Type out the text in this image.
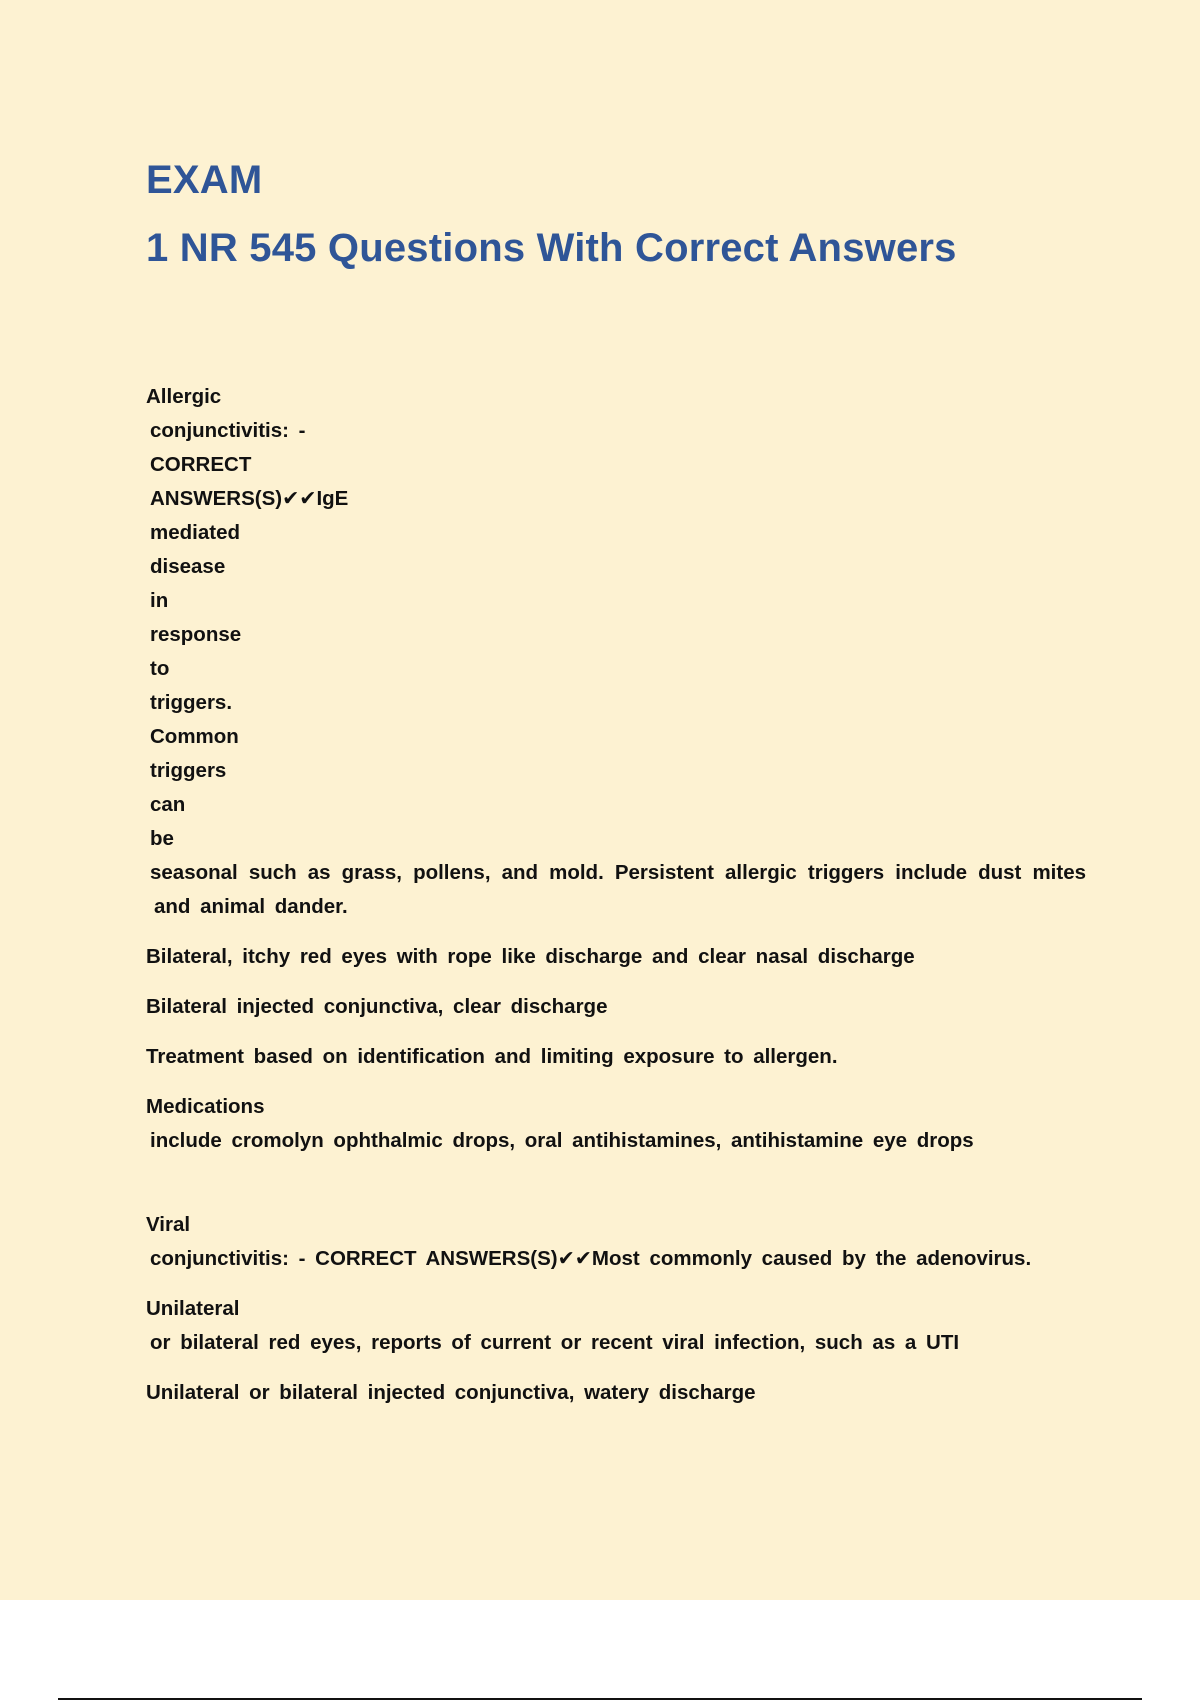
EXAM
1 NR 545 Questions With Correct Answers
Allergic
conjunctivitis: -
CORRECT
ANSWERS(S)✔✔IgE
mediated
disease
in
response
to
triggers.
Common
triggers
can
be
seasonal such as grass, pollens, and mold. Persistent allergic triggers include dust mites
and animal dander.
Bilateral, itchy red eyes with rope like discharge and clear nasal discharge
Bilateral injected conjunctiva, clear discharge
Treatment based on identification and limiting exposure to allergen.
Medications
include cromolyn ophthalmic drops, oral antihistamines, antihistamine eye drops
Viral
conjunctivitis: - CORRECT ANSWERS(S)✔✔Most commonly caused by the adenovirus.
Unilateral
or bilateral red eyes, reports of current or recent viral infection, such as a UTI
Unilateral or bilateral injected conjunctiva, watery discharge
